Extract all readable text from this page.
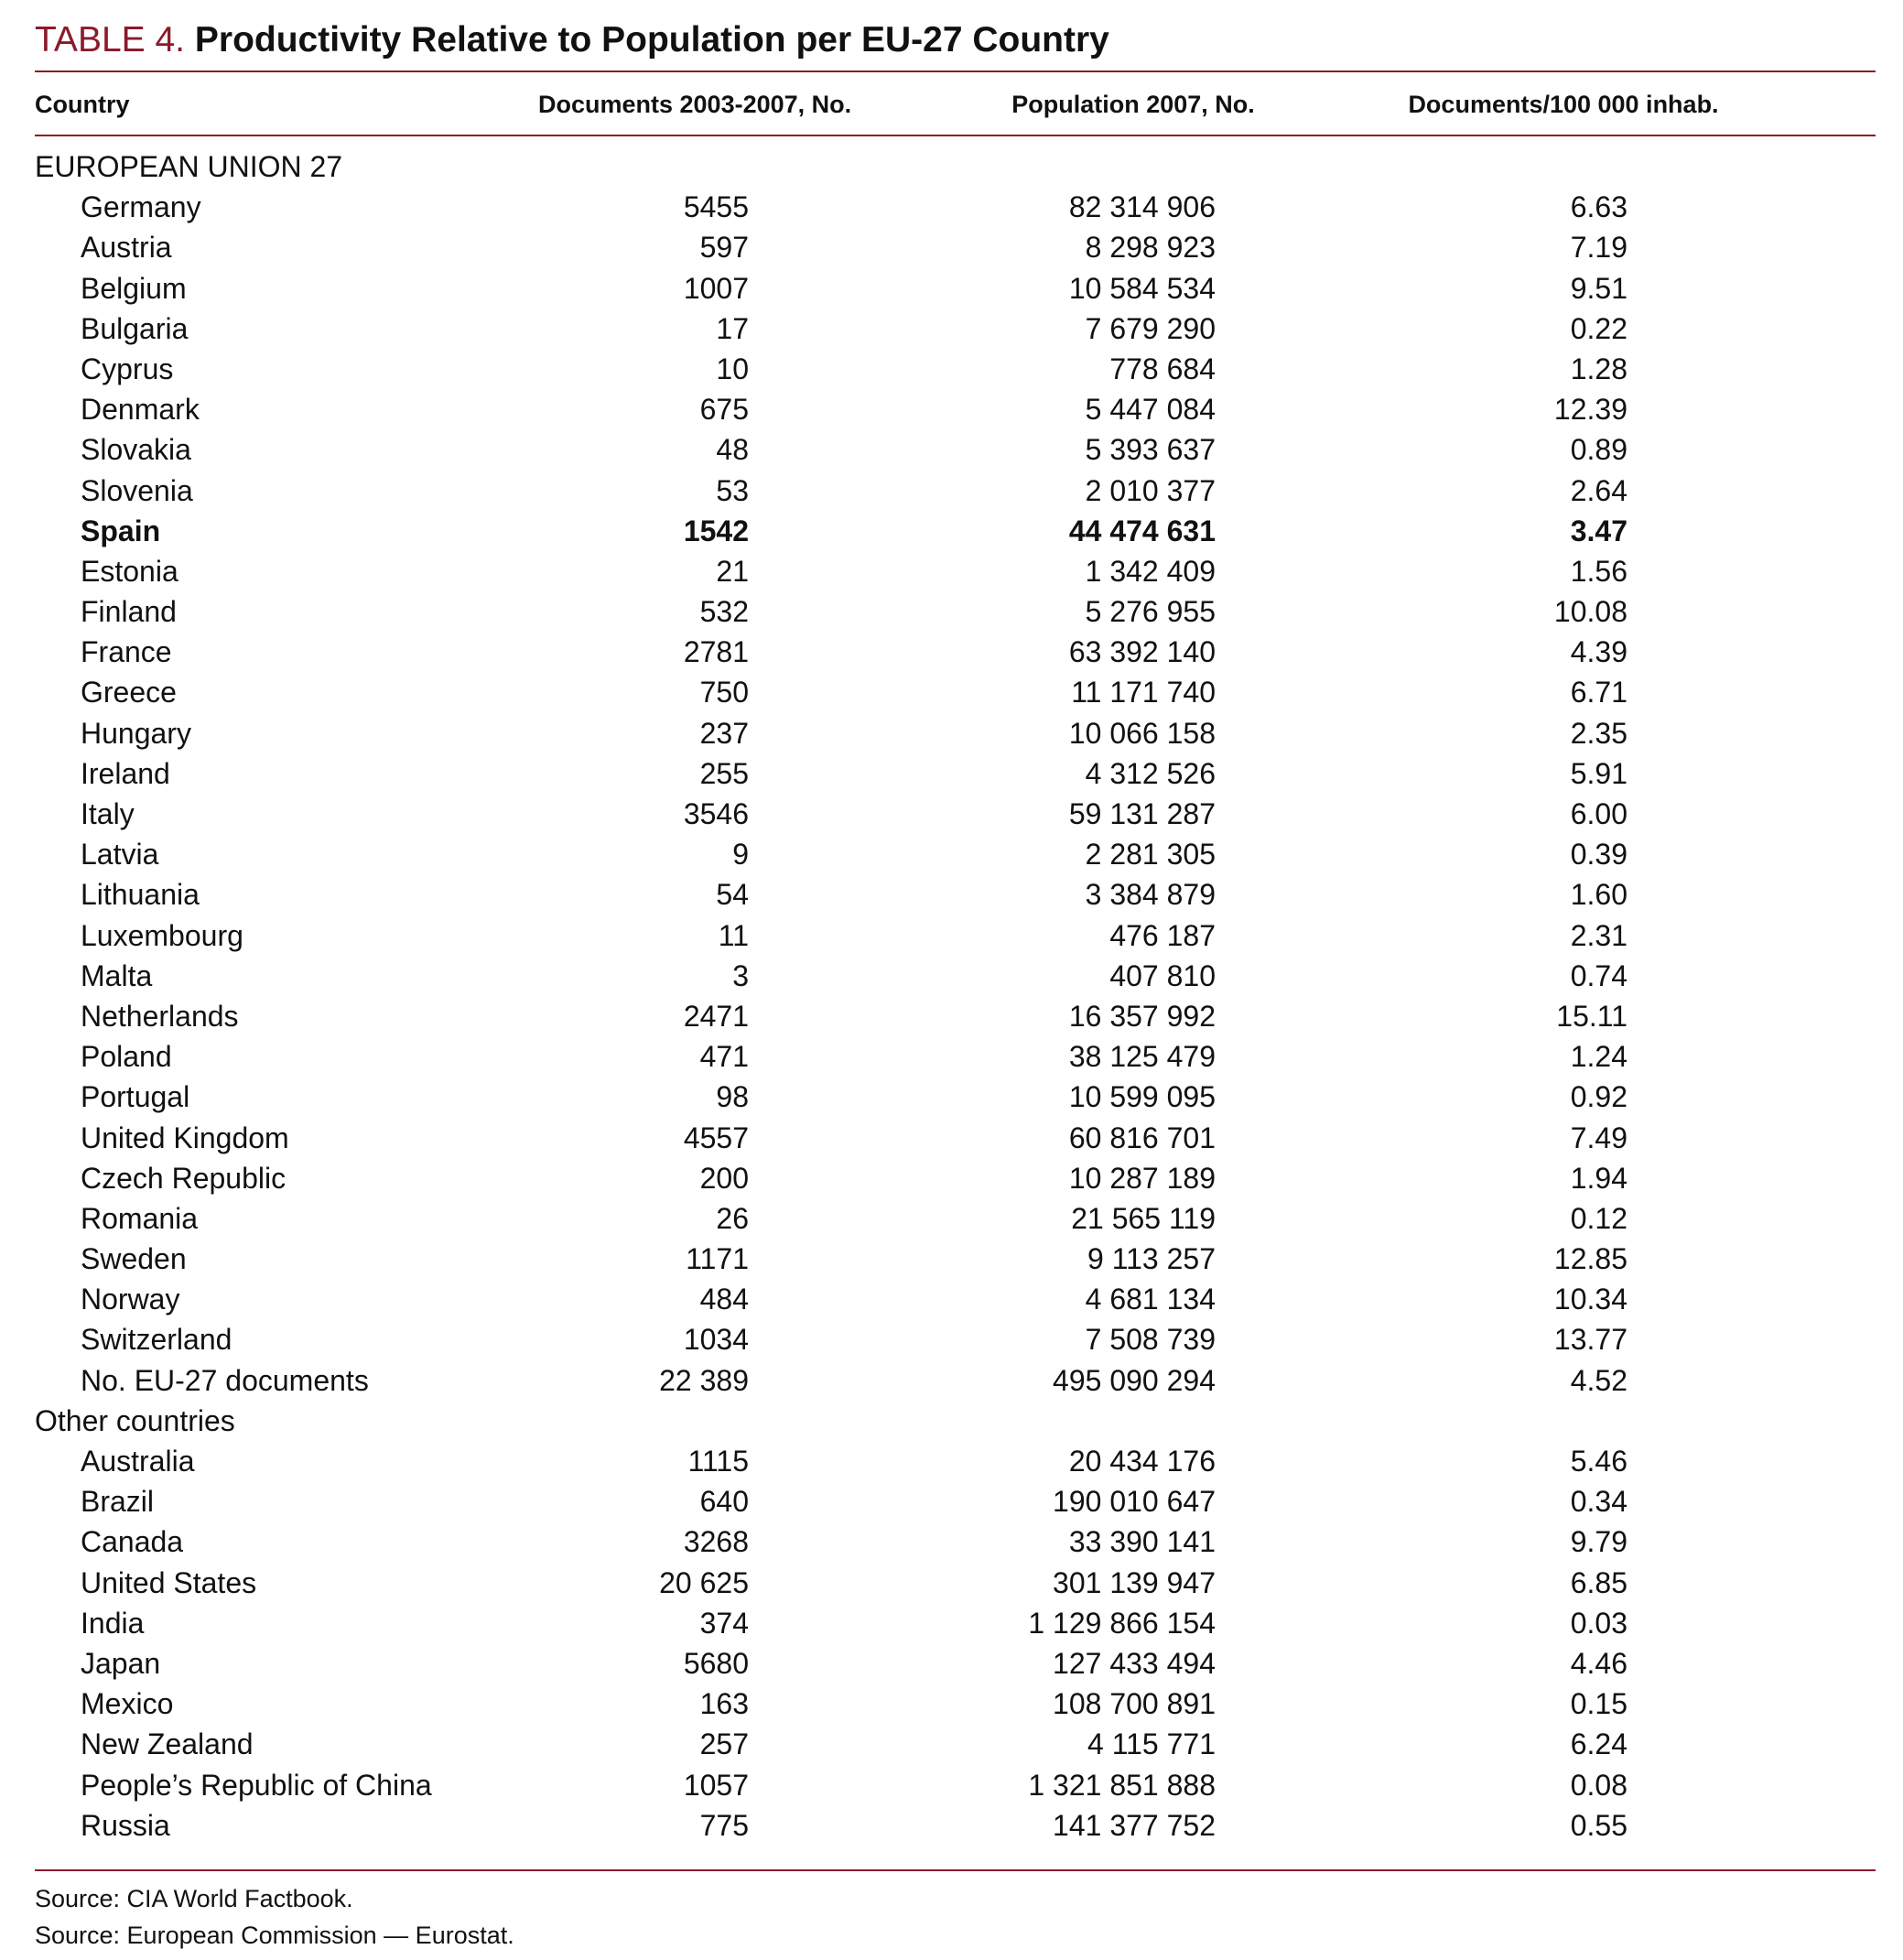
TABLE 4. Productivity Relative to Population per EU-27 Country
Country	Documents 2003-2007, No.	Population 2007, No.	Documents/100 000 inhab.
EUROPEAN UNION 27
Germany	5455	82 314 906	6.63
Austria	597	8 298 923	7.19
Belgium	1007	10 584 534	9.51
Bulgaria	17	7 679 290	0.22
Cyprus	10	778 684	1.28
Denmark	675	5 447 084	12.39
Slovakia	48	5 393 637	0.89
Slovenia	53	2 010 377	2.64
Spain	1542	44 474 631	3.47
Estonia	21	1 342 409	1.56
Finland	532	5 276 955	10.08
France	2781	63 392 140	4.39
Greece	750	11 171 740	6.71
Hungary	237	10 066 158	2.35
Ireland	255	4 312 526	5.91
Italy	3546	59 131 287	6.00
Latvia	9	2 281 305	0.39
Lithuania	54	3 384 879	1.60
Luxembourg	11	476 187	2.31
Malta	3	407 810	0.74
Netherlands	2471	16 357 992	15.11
Poland	471	38 125 479	1.24
Portugal	98	10 599 095	0.92
United Kingdom	4557	60 816 701	7.49
Czech Republic	200	10 287 189	1.94
Romania	26	21 565 119	0.12
Sweden	1171	9 113 257	12.85
Norway	484	4 681 134	10.34
Switzerland	1034	7 508 739	13.77
No. EU-27 documents	22 389	495 090 294	4.52
Other countries
Australia	1115	20 434 176	5.46
Brazil	640	190 010 647	0.34
Canada	3268	33 390 141	9.79
United States	20 625	301 139 947	6.85
India	374	1 129 866 154	0.03
Japan	5680	127 433 494	4.46
Mexico	163	108 700 891	0.15
New Zealand	257	4 115 771	6.24
People’s Republic of China	1057	1 321 851 888	0.08
Russia	775	141 377 752	0.55
Source: CIA World Factbook.
Source: European Commission — Eurostat.
